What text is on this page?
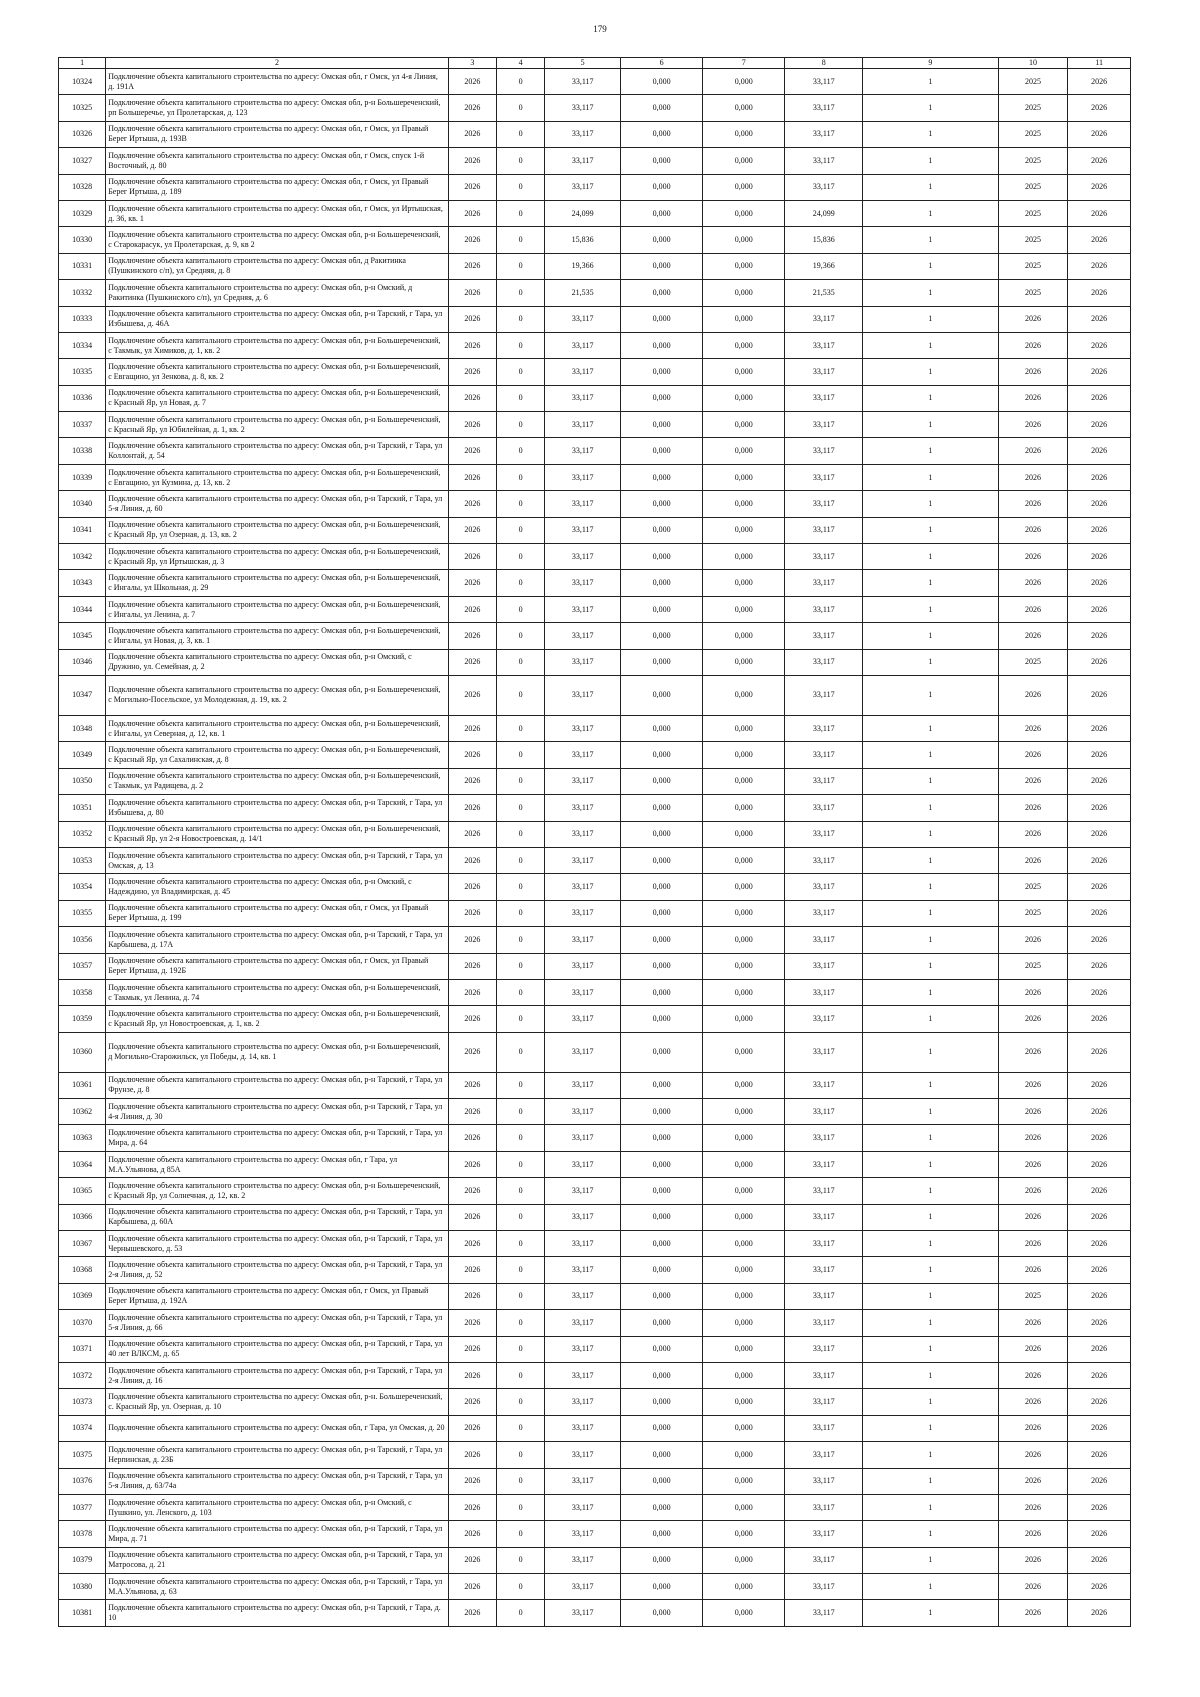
179
1	2	3	4	5	6	7	8	9	10	11
10324	Подключение объекта капитального строительства по адресу: Омская обл, г Омск, ул 4-я Линия, д. 191А	2026	0	33,117	0,000	0,000	33,117	1	2025	2026
10325	Подключение объекта капитального строительства по адресу: Омская обл, р-н Большереченский, рп Большеречье, ул Пролетарская, д. 123	2026	0	33,117	0,000	0,000	33,117	1	2025	2026
10326	Подключение объекта капитального строительства по адресу: Омская обл, г Омск, ул Правый Берег Иртыша, д. 193В	2026	0	33,117	0,000	0,000	33,117	1	2025	2026
10327	Подключение объекта капитального строительства по адресу: Омская обл, г Омск, спуск 1-й Восточный, д. 80	2026	0	33,117	0,000	0,000	33,117	1	2025	2026
10328	Подключение объекта капитального строительства по адресу: Омская обл, г Омск, ул Правый Берег Иртыша, д. 189	2026	0	33,117	0,000	0,000	33,117	1	2025	2026
10329	Подключение объекта капитального строительства по адресу: Омская обл, г Омск, ул Иртышская, д. 36, кв. 1	2026	0	24,099	0,000	0,000	24,099	1	2025	2026
10330	Подключение объекта капитального строительства по адресу: Омская обл, р-н Большереченский, с Старокарасук, ул Пролетарская, д. 9, кв 2	2026	0	15,836	0,000	0,000	15,836	1	2025	2026
10331	Подключение объекта капитального строительства по адресу: Омская обл, д Ракитинка (Пушкинского с/п), ул Средняя, д. 8	2026	0	19,366	0,000	0,000	19,366	1	2025	2026
10332	Подключение объекта капитального строительства по адресу: Омская обл, р-н Омский, д Ракитинка (Пушкинского с/п), ул Средняя, д. 6	2026	0	21,535	0,000	0,000	21,535	1	2025	2026
10333	Подключение объекта капитального строительства по адресу: Омская обл, р-н Тарский, г Тара, ул Избышева, д. 46А	2026	0	33,117	0,000	0,000	33,117	1	2026	2026
10334	Подключение объекта капитального строительства по адресу: Омская обл, р-н Большереченский, с Такмык, ул Химиков, д. 1, кв. 2	2026	0	33,117	0,000	0,000	33,117	1	2026	2026
10335	Подключение объекта капитального строительства по адресу: Омская обл, р-н Большереченский, с Евгащино, ул Зенкова, д. 8, кв. 2	2026	0	33,117	0,000	0,000	33,117	1	2026	2026
10336	Подключение объекта капитального строительства по адресу: Омская обл, р-н Большереченский, с Красный Яр, ул Новая, д. 7	2026	0	33,117	0,000	0,000	33,117	1	2026	2026
10337	Подключение объекта капитального строительства по адресу: Омская обл, р-н Большереченский, с Красный Яр, ул Юбилейная, д. 1, кв. 2	2026	0	33,117	0,000	0,000	33,117	1	2026	2026
10338	Подключение объекта капитального строительства по адресу: Омская обл, р-н Тарский, г Тара, ул Коллонтай, д. 54	2026	0	33,117	0,000	0,000	33,117	1	2026	2026
10339	Подключение объекта капитального строительства по адресу: Омская обл, р-н Большереченский, с Евгащино, ул Кузмина, д. 13, кв. 2	2026	0	33,117	0,000	0,000	33,117	1	2026	2026
10340	Подключение объекта капитального строительства по адресу: Омская обл, р-н Тарский, г Тара, ул 5-я Линия, д. 60	2026	0	33,117	0,000	0,000	33,117	1	2026	2026
10341	Подключение объекта капитального строительства по адресу: Омская обл, р-н Большереченский, с Красный Яр, ул Озерная, д. 13, кв. 2	2026	0	33,117	0,000	0,000	33,117	1	2026	2026
10342	Подключение объекта капитального строительства по адресу: Омская обл, р-н Большереченский, с Красный Яр, ул Иртышская, д. 3	2026	0	33,117	0,000	0,000	33,117	1	2026	2026
10343	Подключение объекта капитального строительства по адресу: Омская обл, р-н Большереченский, с Ингалы, ул Школьная, д. 29	2026	0	33,117	0,000	0,000	33,117	1	2026	2026
10344	Подключение объекта капитального строительства по адресу: Омская обл, р-н Большереченский, с Ингалы, ул Ленина, д. 7	2026	0	33,117	0,000	0,000	33,117	1	2026	2026
10345	Подключение объекта капитального строительства по адресу: Омская обл, р-н Большереченский, с Ингалы, ул Новая, д. 3, кв. 1	2026	0	33,117	0,000	0,000	33,117	1	2026	2026
10346	Подключение объекта капитального строительства по адресу: Омская обл, р-н Омский, с Дружино, ул. Семейная, д. 2	2026	0	33,117	0,000	0,000	33,117	1	2025	2026
10347	Подключение объекта капитального строительства по адресу: Омская обл, р-н Большереченский, с Могильно-Посельское, ул Молодежная, д. 19, кв. 2	2026	0	33,117	0,000	0,000	33,117	1	2026	2026
10348	Подключение объекта капитального строительства по адресу: Омская обл, р-н Большереченский, с Ингалы, ул Северная, д. 12, кв. 1	2026	0	33,117	0,000	0,000	33,117	1	2026	2026
10349	Подключение объекта капитального строительства по адресу: Омская обл, р-н Большереченский, с Красный Яр, ул Сахалинская, д. 8	2026	0	33,117	0,000	0,000	33,117	1	2026	2026
10350	Подключение объекта капитального строительства по адресу: Омская обл, р-н Большереченский, с Такмык, ул Радищева, д. 2	2026	0	33,117	0,000	0,000	33,117	1	2026	2026
10351	Подключение объекта капитального строительства по адресу: Омская обл, р-н Тарский, г Тара, ул Избышева, д. 80	2026	0	33,117	0,000	0,000	33,117	1	2026	2026
10352	Подключение объекта капитального строительства по адресу: Омская обл, р-н Большереченский, с Красный Яр, ул 2-я Новостроевская, д. 14/1	2026	0	33,117	0,000	0,000	33,117	1	2026	2026
10353	Подключение объекта капитального строительства по адресу: Омская обл, р-н Тарский, г Тара, ул Омская, д. 13	2026	0	33,117	0,000	0,000	33,117	1	2026	2026
10354	Подключение объекта капитального строительства по адресу: Омская обл, р-н Омский, с Надеждино, ул Владимирская, д. 45	2026	0	33,117	0,000	0,000	33,117	1	2025	2026
10355	Подключение объекта капитального строительства по адресу: Омская обл, г Омск, ул Правый Берег Иртыша, д. 199	2026	0	33,117	0,000	0,000	33,117	1	2025	2026
10356	Подключение объекта капитального строительства по адресу: Омская обл, р-н Тарский, г Тара, ул Карбышева, д. 17А	2026	0	33,117	0,000	0,000	33,117	1	2026	2026
10357	Подключение объекта капитального строительства по адресу: Омская обл, г Омск, ул Правый Берег Иртыша, д. 192Б	2026	0	33,117	0,000	0,000	33,117	1	2025	2026
10358	Подключение объекта капитального строительства по адресу: Омская обл, р-н Большереченский, с Такмык, ул Ленина, д. 74	2026	0	33,117	0,000	0,000	33,117	1	2026	2026
10359	Подключение объекта капитального строительства по адресу: Омская обл, р-н Большереченский, с Красный Яр, ул Новостроевская, д. 1, кв. 2	2026	0	33,117	0,000	0,000	33,117	1	2026	2026
10360	Подключение объекта капитального строительства по адресу: Омская обл, р-н Большереченский, д Могильно-Старожильск, ул Победы, д. 14, кв. 1	2026	0	33,117	0,000	0,000	33,117	1	2026	2026
10361	Подключение объекта капитального строительства по адресу: Омская обл, р-н Тарский, г Тара, ул Фрунзе, д. 8	2026	0	33,117	0,000	0,000	33,117	1	2026	2026
10362	Подключение объекта капитального строительства по адресу: Омская обл, р-н Тарский, г Тара, ул 4-я Линия, д. 30	2026	0	33,117	0,000	0,000	33,117	1	2026	2026
10363	Подключение объекта капитального строительства по адресу: Омская обл, р-н Тарский, г Тара, ул Мира, д. 64	2026	0	33,117	0,000	0,000	33,117	1	2026	2026
10364	Подключение объекта капитального строительства по адресу: Омская обл, г Тара, ул М.А.Ульянова, д 85А	2026	0	33,117	0,000	0,000	33,117	1	2026	2026
10365	Подключение объекта капитального строительства по адресу: Омская обл, р-н Большереченский, с Красный Яр, ул Солнечная, д. 12, кв. 2	2026	0	33,117	0,000	0,000	33,117	1	2026	2026
10366	Подключение объекта капитального строительства по адресу: Омская обл, р-н Тарский, г Тара, ул Карбышева, д. 60А	2026	0	33,117	0,000	0,000	33,117	1	2026	2026
10367	Подключение объекта капитального строительства по адресу: Омская обл, р-н Тарский, г Тара, ул Чернышевского, д. 53	2026	0	33,117	0,000	0,000	33,117	1	2026	2026
10368	Подключение объекта капитального строительства по адресу: Омская обл, р-н Тарский, г Тара, ул 2-я Линия, д. 52	2026	0	33,117	0,000	0,000	33,117	1	2026	2026
10369	Подключение объекта капитального строительства по адресу: Омская обл, г Омск, ул Правый Берег Иртыша, д. 192А	2026	0	33,117	0,000	0,000	33,117	1	2025	2026
10370	Подключение объекта капитального строительства по адресу: Омская обл, р-н Тарский, г Тара, ул 5-я Линия, д. 66	2026	0	33,117	0,000	0,000	33,117	1	2026	2026
10371	Подключение объекта капитального строительства по адресу: Омская обл, р-н Тарский, г Тара, ул 40 лет ВЛКСМ, д. 65	2026	0	33,117	0,000	0,000	33,117	1	2026	2026
10372	Подключение объекта капитального строительства по адресу: Омская обл, р-н Тарский, г Тара, ул 2-я Линия, д. 16	2026	0	33,117	0,000	0,000	33,117	1	2026	2026
10373	Подключение объекта капитального строительства по адресу: Омская обл, р-н. Большереченский, с. Красный Яр, ул. Озерная, д. 10	2026	0	33,117	0,000	0,000	33,117	1	2026	2026
10374	Подключение объекта капитального строительства по адресу: Омская обл, г Тара, ул Омская, д. 20	2026	0	33,117	0,000	0,000	33,117	1	2026	2026
10375	Подключение объекта капитального строительства по адресу: Омская обл, р-н Тарский, г Тара, ул Нерпинская, д. 23Б	2026	0	33,117	0,000	0,000	33,117	1	2026	2026
10376	Подключение объекта капитального строительства по адресу: Омская обл, р-н Тарский, г Тара, ул 5-я Линия, д. 63/74а	2026	0	33,117	0,000	0,000	33,117	1	2026	2026
10377	Подключение объекта капитального строительства по адресу: Омская обл, р-н Омский, с Пушкино, ул. Ленского, д. 103	2026	0	33,117	0,000	0,000	33,117	1	2026	2026
10378	Подключение объекта капитального строительства по адресу: Омская обл, р-н Тарский, г Тара, ул Мира, д. 71	2026	0	33,117	0,000	0,000	33,117	1	2026	2026
10379	Подключение объекта капитального строительства по адресу: Омская обл, р-н Тарский, г Тара, ул Матросова, д. 21	2026	0	33,117	0,000	0,000	33,117	1	2026	2026
10380	Подключение объекта капитального строительства по адресу: Омская обл, р-н Тарский, г Тара, ул М.А.Ульянова, д. 63	2026	0	33,117	0,000	0,000	33,117	1	2026	2026
10381	Подключение объекта капитального строительства по адресу: Омская обл, р-н Тарский, г Тара, д. 10	2026	0	33,117	0,000	0,000	33,117	1	2026	2026
